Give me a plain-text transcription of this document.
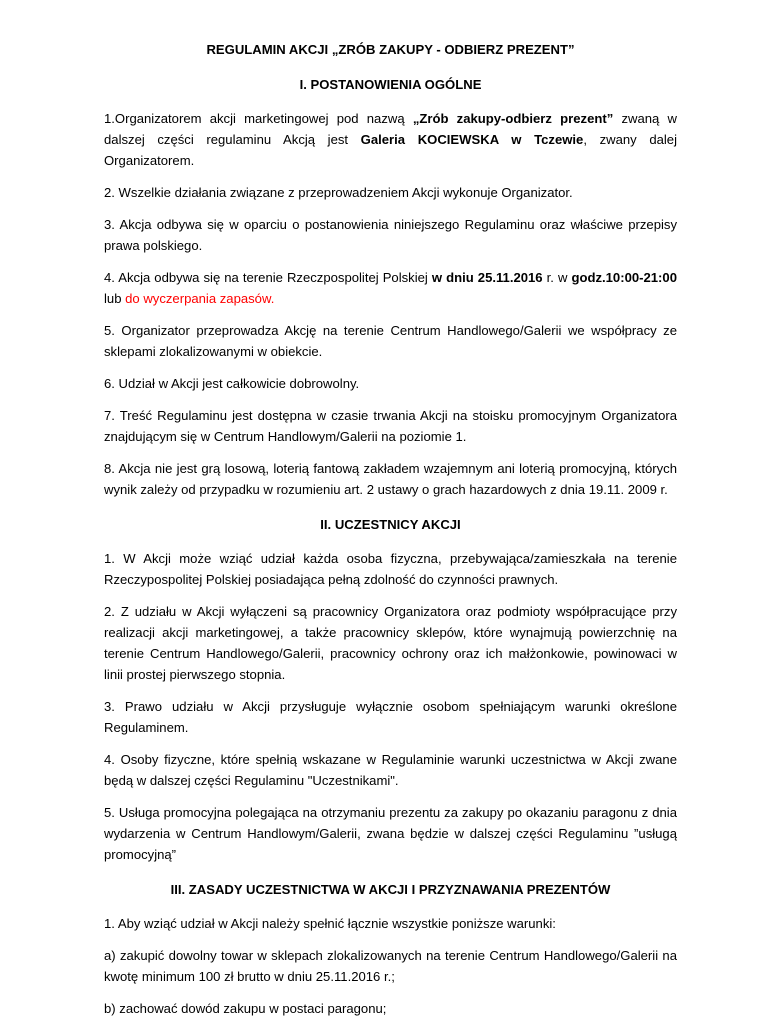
REGULAMIN AKCJI „ZRÓB ZAKUPY - ODBIERZ PREZENT”
I. POSTANOWIENIA OGÓLNE

1.Organizatorem akcji marketingowej pod nazwą „Zrób zakupy-odbierz prezent” zwaną w dalszej części regulaminu Akcją jest Galeria KOCIEWSKA w Tczewie, zwany dalej Organizatorem.

2. Wszelkie działania związane z przeprowadzeniem Akcji wykonuje Organizator.

3. Akcja odbywa się w oparciu o postanowienia niniejszego Regulaminu oraz właściwe przepisy prawa polskiego.

4. Akcja odbywa się na terenie Rzeczpospolitej Polskiej w dniu 25.11.2016 r. w godz.10:00-21:00 lub do wyczerpania zapasów.

5. Organizator przeprowadza Akcję na terenie Centrum Handlowego/Galerii we współpracy ze sklepami zlokalizowanymi w obiekcie.

6. Udział w Akcji jest całkowicie dobrowolny.

7. Treść Regulaminu jest dostępna w czasie trwania Akcji na stoisku promocyjnym Organizatora znajdującym się w Centrum Handlowym/Galerii na poziomie 1.

8. Akcja nie jest grą losową, loterią fantową zakładem wzajemnym ani loterią promocyjną, których wynik zależy od przypadku w rozumieniu art. 2 ustawy o grach hazardowych z dnia 19.11. 2009 r.

II. UCZESTNICY AKCJI

1. W Akcji może wziąć udział każda osoba fizyczna, przebywająca/zamieszkała na terenie Rzeczypospolitej Polskiej posiadająca pełną zdolność do czynności prawnych.

2. Z udziału w Akcji wyłączeni są pracownicy Organizatora oraz podmioty współpracujące przy realizacji akcji marketingowej, a także pracownicy sklepów, które wynajmują powierzchnię na terenie Centrum Handlowego/Galerii, pracownicy ochrony oraz ich małżonkowie, powinowaci w linii prostej pierwszego stopnia.

3. Prawo udziału w Akcji przysługuje wyłącznie osobom spełniającym warunki określone Regulaminem.

4. Osoby fizyczne, które spełnią wskazane w Regulaminie warunki uczestnictwa w Akcji zwane będą w dalszej części Regulaminu "Uczestnikami".

5. Usługa promocyjna polegająca na otrzymaniu prezentu za zakupy po okazaniu paragonu z dnia wydarzenia w Centrum Handlowym/Galerii, zwana będzie w dalszej części Regulaminu ”usługą promocyjną”

III. ZASADY UCZESTNICTWA W AKCJI I PRZYZNAWANIA PREZENTÓW

1. Aby wziąć udział w Akcji należy spełnić łącznie wszystkie poniższe warunki:

a) zakupić dowolny towar w sklepach zlokalizowanych na terenie Centrum Handlowego/Galerii na kwotę minimum 100 zł brutto w dniu 25.11.2016 r.;

b) zachować dowód zakupu w postaci paragonu;
